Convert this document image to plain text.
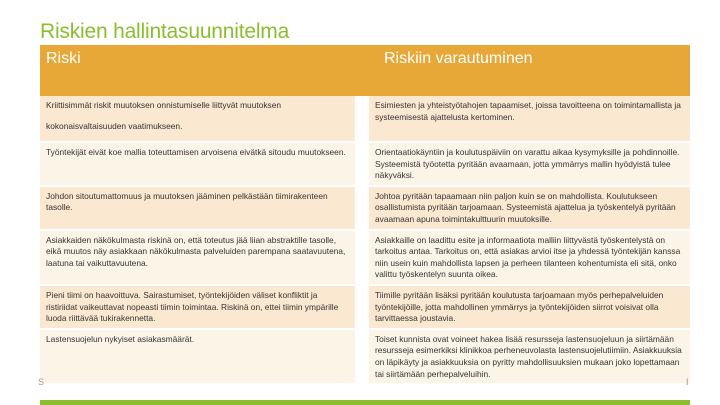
Riskien hallintasuunnitelma
Riski	Riskiin varautuminen

Kriittisimmät riskit muutoksen onnistumiselle liittyvät muutoksen
kokonaisvaltaisuuden vaatimukseen.	Esimiesten ja yhteistyötahojen tapaamiset, joissa tavoitteena on toimintamallista ja systeemisestä ajattelusta kertominen.
Työntekijät eivät koe mallia toteuttamisen arvoisena eivätkä sitoudu muutokseen.	Orientaatiokäyntiin ja koulutuspäiviin on varattu aikaa kysymyksille ja pohdinnoille. Systeemistä työotetta pyritään avaamaan, jotta ymmärrys mallin hyödyistä tulee näkyväksi.
Johdon sitoutumattomuus ja muutoksen jääminen pelkästään tiimirakenteen tasolle.	Johtoa pyritään tapaamaan niin paljon kuin se on mahdollista. Koulutukseen osallistumista pyritään tarjoamaan. Systeemistä ajattelua ja työskentelyä pyritään avaamaan apuna toimintakulttuurin muutoksille.
Asiakkaiden näkökulmasta riskinä on, että toteutus jää liian abstraktille tasolle, eikä muutos näy asiakkaan näkökulmasta palveluiden parempana saatavuutena, laatuna tai vaikuttavuutena.	Asiakkaille on laadittu esite ja informaatiota malliin liittyvästä työskentelystä on tarkoitus antaa. Tarkoitus on, että asiakas arvioi itse ja yhdessä työntekijän kanssa niin usein kuin mahdollista lapsen ja perheen tilanteen kohentumista eli sitä, onko valittu työskentelyn suunta oikea.
Pieni tiimi on haavoittuva. Sairastumiset, työntekijöiden väliset konfliktit ja ristiriidat vaikeuttavat nopeasti tiimin toimintaa. Riskinä on, ettei tiimin ympärille luoda riittävää tukirakennetta.	Tiimille pyritään lisäksi pyritään koulutusta tarjoamaan myös perhepalveluiden työntekijöille, jotta mahdollinen ymmärrys ja työntekijöiden siirrot voisivat olla tarvittaessa joustavia.
Lastensuojelun nykyiset asiakasmäärät.	Toiset kunnista ovat voineet hakea lisää resursseja lastensuojeluun ja siirtämään resursseja esimerkiksi klinikkoa perheneuvolasta lastensuojelutiimiin. Asiakkuuksia on läpikäyty ja asiakkuuksia on pyritty mahdollisuuksien mukaan joko lopettamaan tai siirtämään perhepalveluihin.
S	I
